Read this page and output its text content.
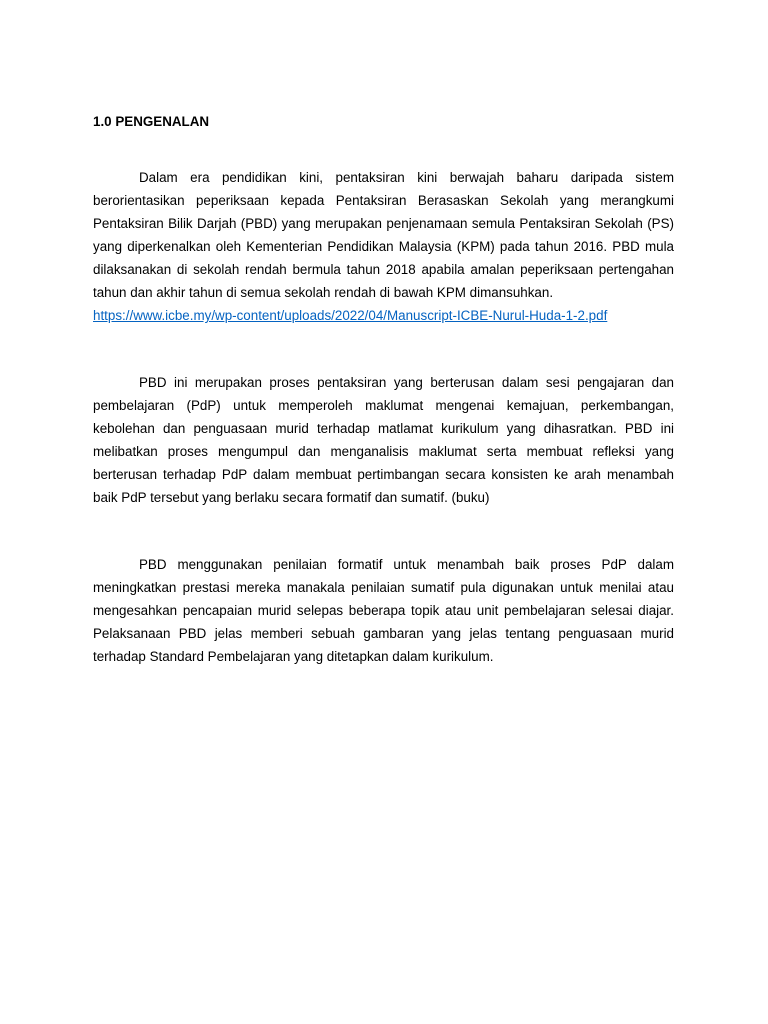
1.0 PENGENALAN

Dalam era pendidikan kini, pentaksiran kini berwajah baharu daripada sistem berorientasikan peperiksaan kepada Pentaksiran Berasaskan Sekolah yang merangkumi Pentaksiran Bilik Darjah (PBD) yang merupakan penjenamaan semula Pentaksiran Sekolah (PS) yang diperkenalkan oleh Kementerian Pendidikan Malaysia (KPM) pada tahun 2016. PBD mula dilaksanakan di sekolah rendah bermula tahun 2018 apabila amalan peperiksaan pertengahan tahun dan akhir tahun di semua sekolah rendah di bawah KPM dimansuhkan.

https://www.icbe.my/wp-content/uploads/2022/04/Manuscript-ICBE-Nurul-Huda-1-2.pdf

PBD ini merupakan proses pentaksiran yang berterusan dalam sesi pengajaran dan pembelajaran (PdP) untuk memperoleh maklumat mengenai kemajuan, perkembangan, kebolehan dan penguasaan murid terhadap matlamat kurikulum yang dihasratkan. PBD ini melibatkan proses mengumpul dan menganalisis maklumat serta membuat refleksi yang berterusan terhadap PdP dalam membuat pertimbangan secara konsisten ke arah menambah baik PdP tersebut yang berlaku secara formatif dan sumatif. (buku)

PBD menggunakan penilaian formatif untuk menambah baik proses PdP dalam meningkatkan prestasi mereka manakala penilaian sumatif pula digunakan untuk menilai atau mengesahkan pencapaian murid selepas beberapa topik atau unit pembelajaran selesai diajar. Pelaksanaan PBD jelas memberi sebuah gambaran yang jelas tentang penguasaan murid terhadap Standard Pembelajaran yang ditetapkan dalam kurikulum.
